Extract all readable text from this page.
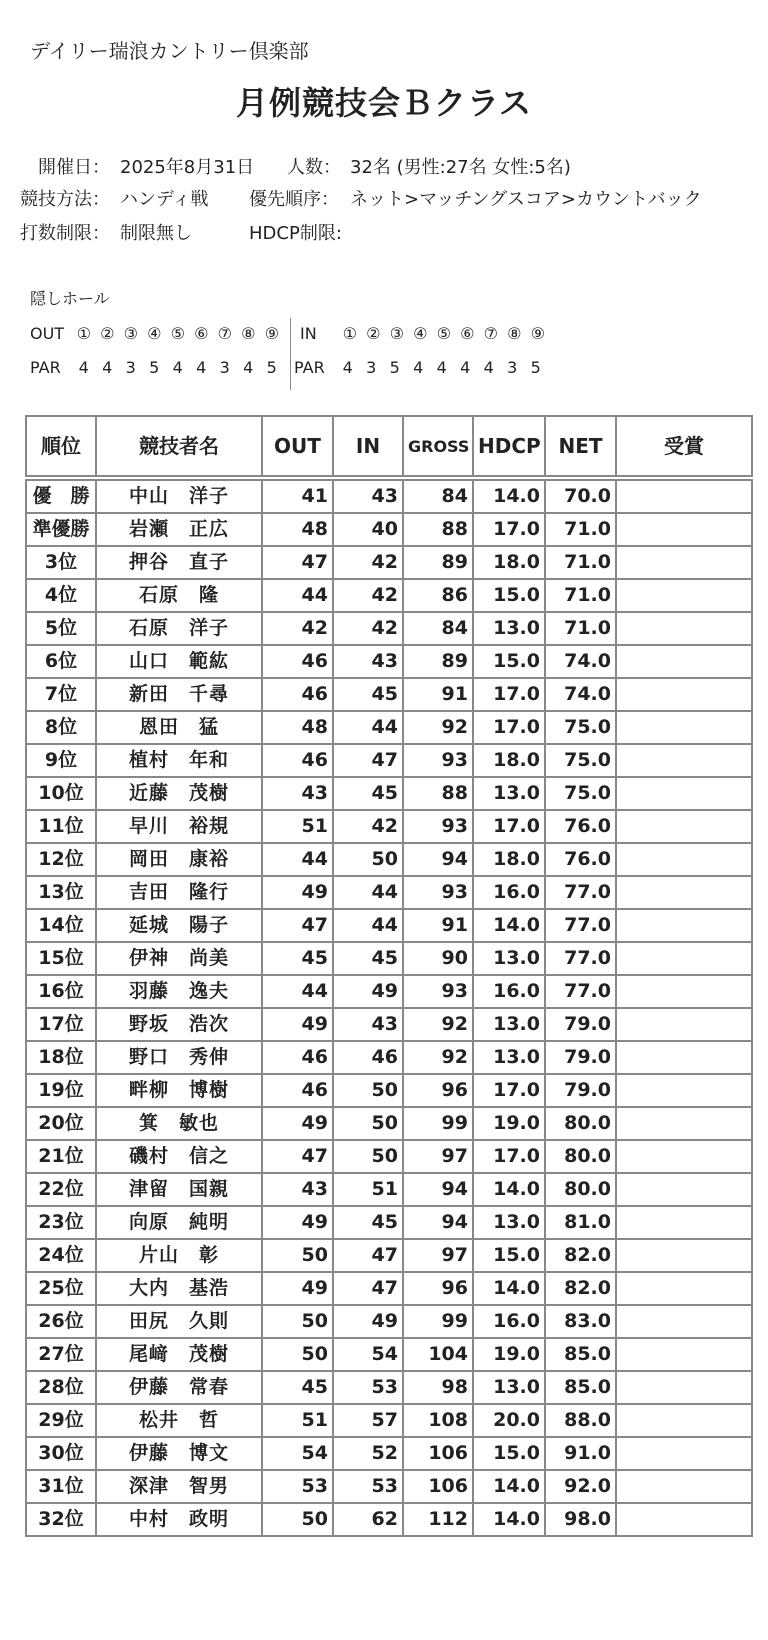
デイリー瑞浪カントリー倶楽部
月例競技会Ｂクラス
開催日： 2025年8月31日 人数： 32名 (男性:27名 女性:5名)
競技方法： ハンディ戦 優先順序： ネット>マッチングスコア>カウントバック
打数制限： 制限無し	HDCP制限:
隠しホール
OUT ① ② ③ ④ ⑤ ⑥ ⑦ ⑧ ⑨ IN	① ② ③ ④ ⑤ ⑥ ⑦ ⑧ ⑨
PAR	4 4 3 5 4 4 3 4 5	PAR	4 3 5 4 4 4 4 3 5
順位	競技者名	OUT	IN	GROSS	HDCP	NET	受賞
優　勝	中山　洋子	41	43	84	14.0	70.0	
準優勝	岩瀬　正広	48	40	88	17.0	71.0	
3位	押谷　直子	47	42	89	18.0	71.0	
4位	石原　隆	44	42	86	15.0	71.0	
5位	石原　洋子	42	42	84	13.0	71.0	
6位	山口　範紘	46	43	89	15.0	74.0	
7位	新田　千尋	46	45	91	17.0	74.0	
8位	恩田　猛	48	44	92	17.0	75.0	
9位	植村　年和	46	47	93	18.0	75.0	
10位	近藤　茂樹	43	45	88	13.0	75.0	
11位	早川　裕規	51	42	93	17.0	76.0	
12位	岡田　康裕	44	50	94	18.0	76.0	
13位	吉田　隆行	49	44	93	16.0	77.0	
14位	延城　陽子	47	44	91	14.0	77.0	
15位	伊神　尚美	45	45	90	13.0	77.0	
16位	羽藤　逸夫	44	49	93	16.0	77.0	
17位	野坂　浩次	49	43	92	13.0	79.0	
18位	野口　秀伸	46	46	92	13.0	79.0	
19位	畔柳　博樹	46	50	96	17.0	79.0	
20位	箕　敏也	49	50	99	19.0	80.0	
21位	磯村　信之	47	50	97	17.0	80.0	
22位	津留　国親	43	51	94	14.0	80.0	
23位	向原　純明	49	45	94	13.0	81.0	
24位	片山　彰	50	47	97	15.0	82.0	
25位	大内　基浩	49	47	96	14.0	82.0	
26位	田尻　久則	50	49	99	16.0	83.0	
27位	尾﨑　茂樹	50	54	104	19.0	85.0	
28位	伊藤　常春	45	53	98	13.0	85.0	
29位	松井　哲	51	57	108	20.0	88.0	
30位	伊藤　博文	54	52	106	15.0	91.0	
31位	深津　智男	53	53	106	14.0	92.0	
32位	中村　政明	50	62	112	14.0	98.0	
